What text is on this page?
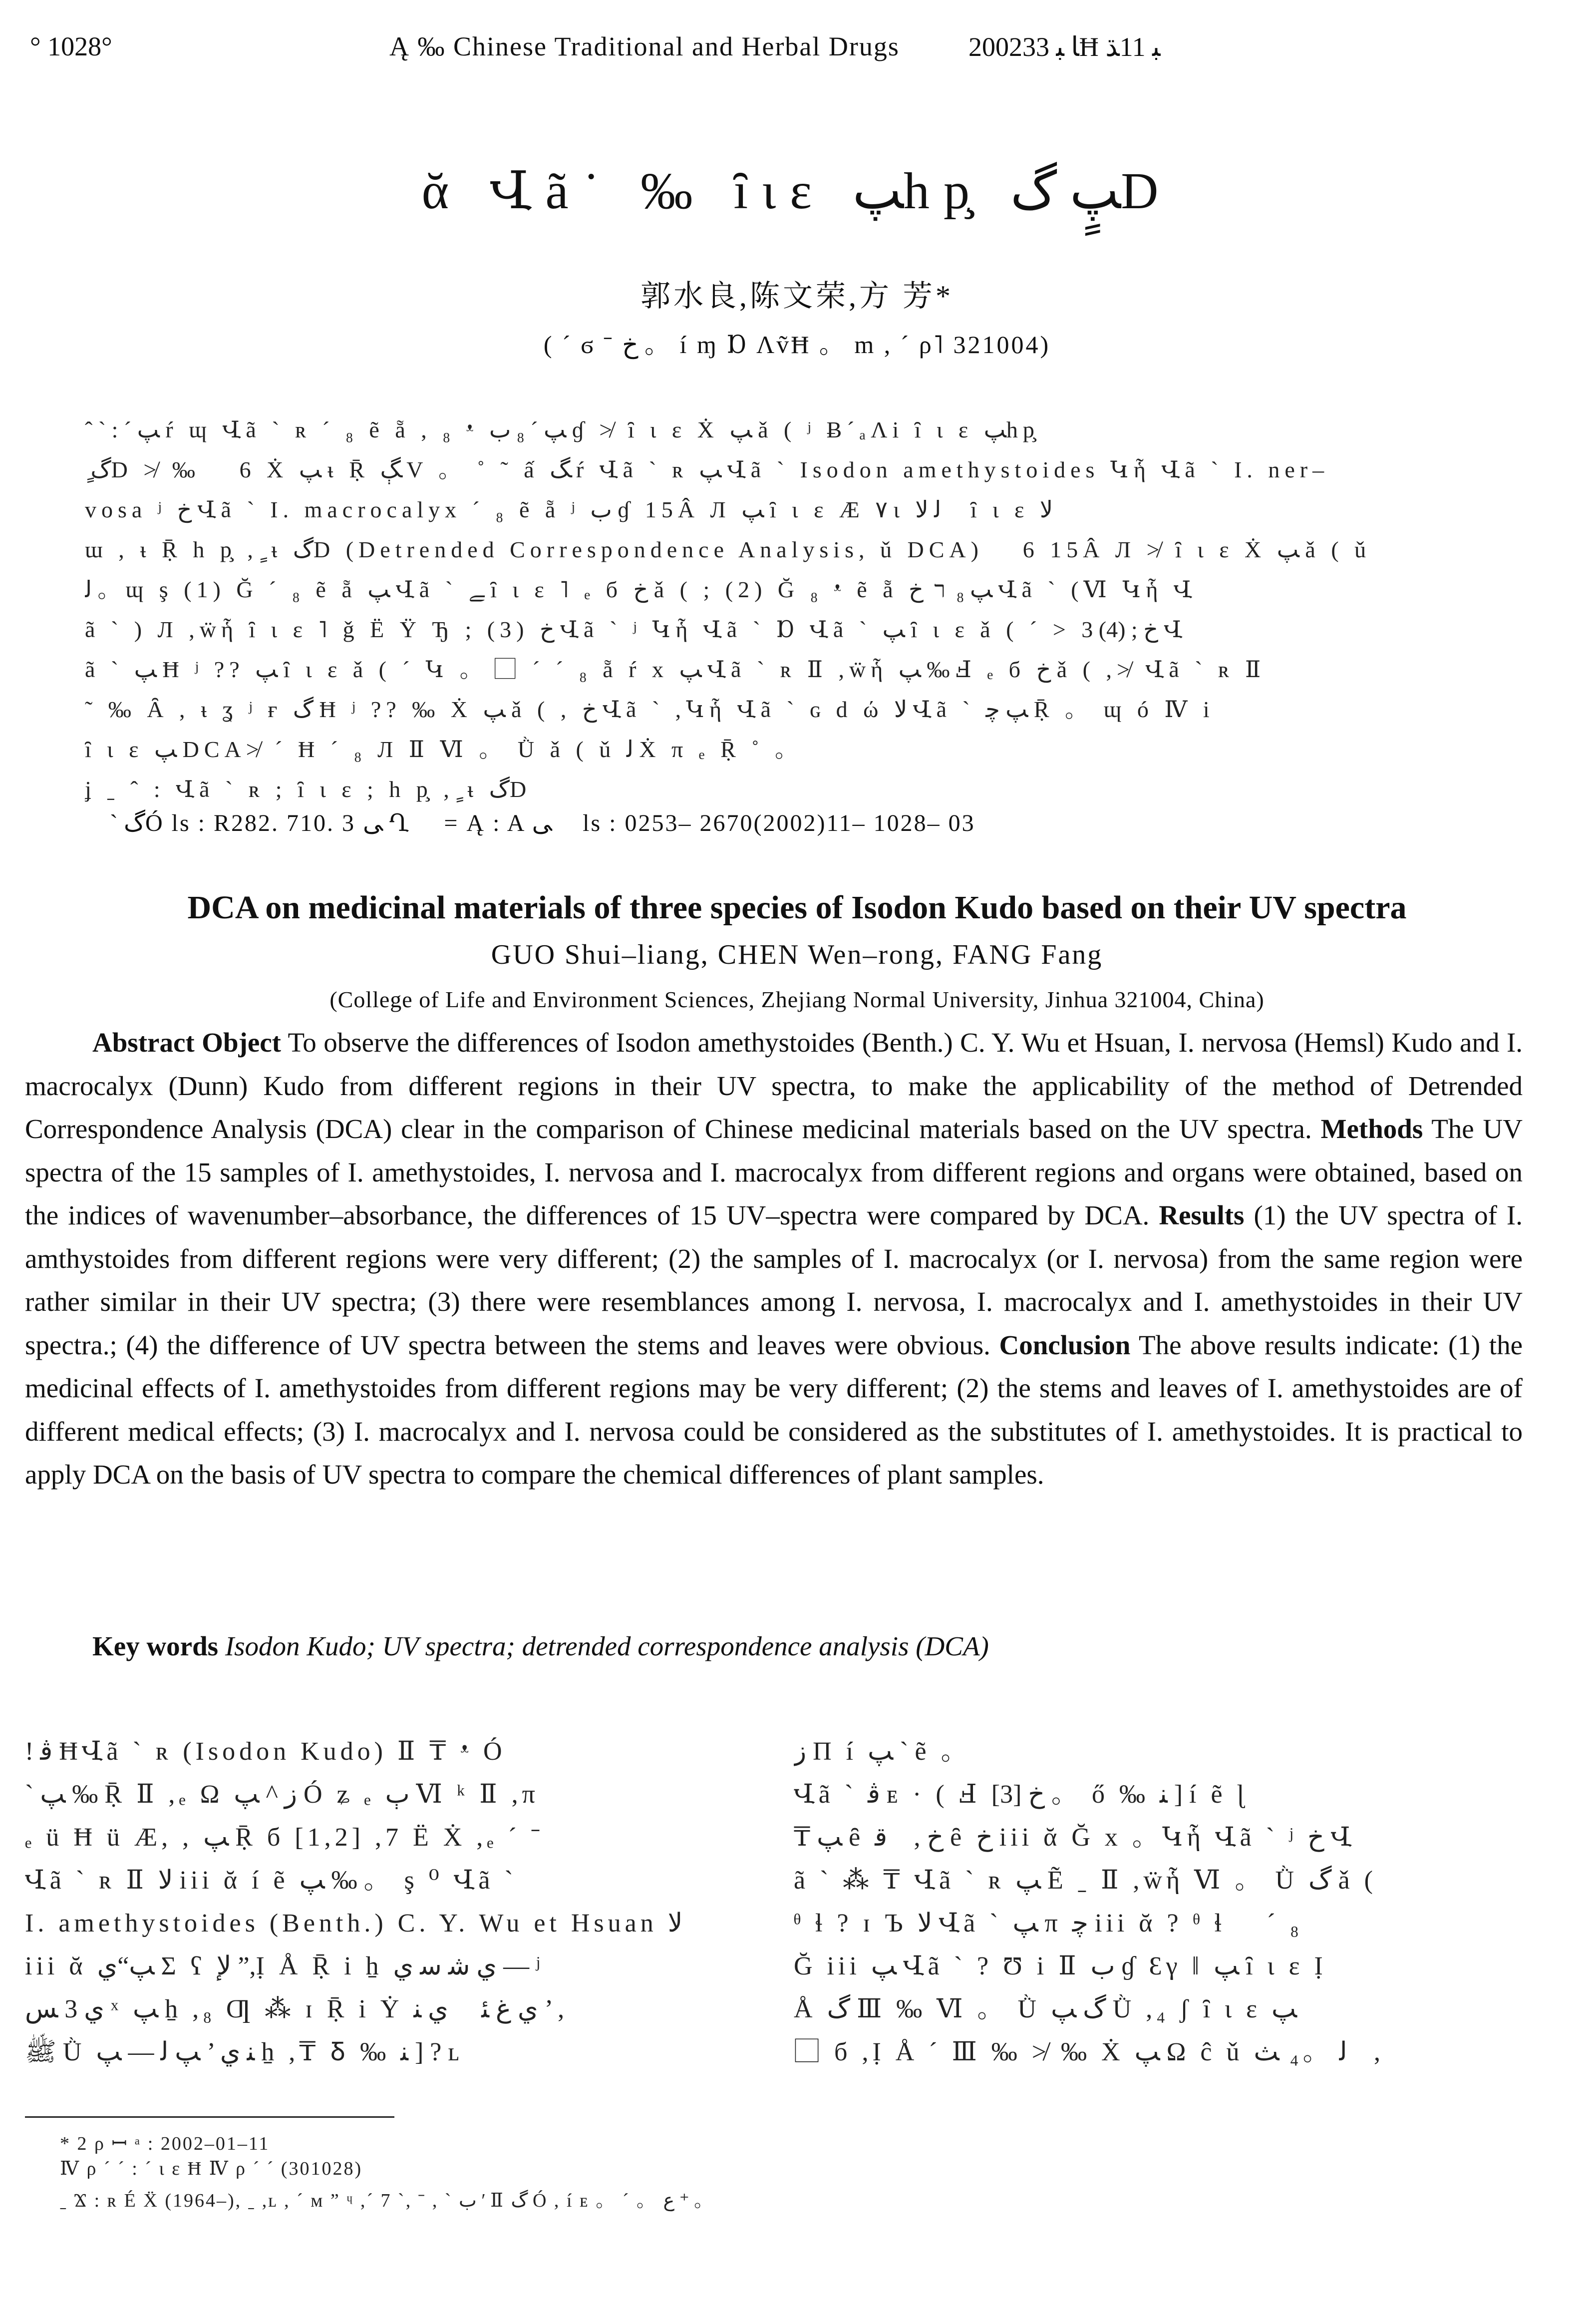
° 1028°	Ą ‰ Chinese Traditional and Herbal Drugs	2002ﺎ ﺒ 33Ħ ﺒ 11ﮅ
ᾰ Վã˙ ‰ ȋɩɛ ﭗhp̧ ﭗٍ ﮒD
郭水良,陈文荣,方 芳*
( ´ ϭ ˉ ﺥ 。 í ɱ Ɒ ɅṽĦ 。 m , ´ ρ˥ 321004)
ˆ ˋ : ˊ ﭗ ŕ ɰ Վã ˋ ʀ ˊ ₈ ẽ ẵ , ₈ ᵜ ﭗ ˊ ₈ ب ɠ ≯ ȋ ɩ ɛ Ẋ ﭗ ǎ ( ʲ ɃˊₐɅi ȋ ɩ ɛ ﭗhp̧
ٍ ﮒD ≯ ‰ ⃞ 6 Ẋ ﭗ ᵼ Ṝ ﮗ V 。 ˚ ˜ ấ ﮓ ŕ Վã ˋ ʀ ﭗ Վã ˋ Isodon amethystoides Կἧ Վã ˋ I. ner–
vosa ʲ ﺥ Վã ˋ I. macrocalyx ˊ ₈ ẽ ẵ ʲ ب ɠ 15Â Л ﭗ ȋ ɩ ɛ Æ ۷ ɩ ﻟ ﻻ ⃞ ȋ ɩ ɛ ﻻ
ɯ , ᵼ Ṝ h p̧ , ٍ ᵼ ﮒD (Detrended Correspondence Analysis, ǔ DCA) ⃞ 6 15Â Л ≯ ȋ ɩ ɛ Ẋ ﭗ ǎ ( ǔ
ﻟ 。ɰ ş (1) Ğ ˊ ₈ ẽ ẵ ﭗ Վã ˋ ﮯ ȋ ɩ ɛ ˥ ₑ б ﺥ ǎ ( ; (2) Ğ ₈ ᵜ ẽ ẵ ﭗ ₈ ﬧ ﺥ Վã ˋ (Ⅵ Կἧ Վ
ã ˋ ) Л ,ẅἧ ȋ ɩ ɛ ˥ ǧ Ё Ÿ Ђ ; (3) ﺥ Վã ˋ ʲ Կἧ Վã ˋ Ɒ Վã ˋ ﭗ ȋ ɩ ɛ ǎ ( ˊ > ﺥ ; (4) 3 Վ
ã ˋ ﭗ Ħ ʲ ?? ﭗ ȋ ɩ ɛ ǎ ( ´ Կ 。 ⃞ ˊ ˊ ₈ ẵ ŕ х ﭗ Վã ˋ ʀ Ⅱ ,ẅἧ ﭗ ‰ Ⅎ ₑ б ﺥ ǎ ( ,≯ Վã ˋ ʀ Ⅱ
˜ ‰ Ȃ , ᵼ ʓ ʲ ғ ﮒ Ħ ʲ ?? ‰ Ẋ ﭗ ǎ ( , ﺥ Վã ˋ ,Կἧ Վã ˋ ɢ d ώ ﻻ Վã ˋ ﭗ ﭼ Ṝ 。 ɰ ó Ⅳ i
ȋ ɩ ɛ ﭗ DCA≯ ˊ Ħ ˊ ₈ Л Ⅱ Ⅵ 。 Ǜ ǎ ( ǔ ﻟ Ẋ π ₑ Ṝ ˚ 。
ʝ ˍ ˆ : Վã ˋ ʀ ; ȋ ɩ ɛ ; h p̧ , ٍ ᵼ ﮒD
ˋ ﮒÓ ls : R282. 710. 3 ﻰ Ղ ⃞ = Ą : A ﻰ ⃞ ls : 0253– 2670(2002)11– 1028– 03
DCA on medicinal materials of three species of Isodon Kudo based on their UV spectra
GUO Shui–liang, CHEN Wen–rong, FANG Fang
(College of Life and Environment Sciences, Zhejiang Normal University, Jinhua 321004, China)
Abstract Object To observe the differences of Isodon amethystoides (Benth.) C. Y. Wu et Hsuan, I. nervosa (Hemsl) Kudo and I. macrocalyx (Dunn) Kudo from different regions in their UV spectra, to make the applicability of the method of Detrended Correspondence Analysis (DCA) clear in the comparison of Chinese medicinal materials based on the UV spectra. Methods The UV spectra of the 15 samples of I. amethystoides, I. nervosa and I. macrocalyx from different regions and organs were obtained, based on the indices of wavenumber–absorbance, the differences of 15 UV–spectra were compared by DCA. Results (1) the UV spectra of I. amthystoides from different regions were very different; (2) the samples of I. macrocalyx (or I. nervosa) from the same region were rather similar in their UV spectra; (3) there were resemblances among I. nervosa, I. macrocalyx and I. amethystoides in their UV spectra.; (4) the difference of UV spectra between the stems and leaves were obvious. Conclusion The above results indicate: (1) the medicinal effects of I. amethystoides from different regions may be very different; (2) the stems and leaves of I. amethystoides are of different medical effects; (3) I. macrocalyx and I. nervosa could be considered as the substitutes of I. amethystoides. It is practical to apply DCA on the basis of UV spectra to compare the chemical differences of plant samples.
Key words Isodon Kudo; UV spectra; detrended correspondence analysis (DCA)
! ﭬ ĦՎã ˋ ʀ (Isodon Kudo) Ⅱ ₸ ᵜ Ó
ˋ ﭗ ‰ Ṝ Ⅱ ,ₑ Ω ﺯ ^ ﭗ Ó ʑ ₑ ﭒ Ⅵ ᵏ Ⅱ ,π
ₑ ü Ħ ü Æ, , ﭗ Ṝ б [1,2] ,7 Ё Ẋ ,ₑ ´ ˉ
Վã ˋ ʀ Ⅱ ﻻ iii ᾰ í ẽ ﭗ ‰ 。 ş ⁰ Վã ˋ
I. amethystoides (Benth.) C. Y. Wu et Hsuan ﻻ
iii ᾰ ﭗ“ﻱ Σ ʕ ﻹ ”,Ị Å Ṝ i ẖ ﻱ ﺷ ﺳ ﻱ — ʲ
ﻱ 3 ﺲ ˣ ﭗ ẖ ,₈ Ƣ ⁂ ɪ Ṝ i Ẏ ﻱ ﻍ ﺌ ⃞ ﻱ ﻨ ’ ,
ﷺ Ǜ ﻨ ﻱ ’ ﭗ ﻟ — ﭗ ẖ ,₸ Ᵹ ‰ ﻨ ] ? ʟ
ﺯ Π í ﭗ ˋ ẽ 。
Վã ˋ ﭬ ᴇ · ( Ⅎ ﺥ [3] 。 ő ‰ ﻨ ] í ẽ ɭ
₸ ﭗ ȇ ﺥ ,⃞ ﻗ ȇ ﺥ iii ᾰ Ğ х 。Կἧ Վã ˋ ʲ ﺥ Վ
ã ˋ ⁂ ₸ Վã ˋ ʀ ﭗ Ẽ ˍ Ⅱ ,ẅἧ Ⅵ 。 Ǜ ﮒ ǎ (
ᶿ ɬ ? ɪ Ъ ﻻ Վã ˋ ﭗ π ﭼ iii ᾰ ? ᶿ ɬ ⃞ ˊ ₈
Ğ iii ﭗ Վã ˋ ? Ʊ i Ⅱ ب ɠ Ɛγ ‖ ﭗ ȋ ɩ ɛ Ị
Å ﮒ Ⅲ ‰ Ⅵ 。 Ǜ ﮒ ﭗ Ǜ ,₄ ʃ ȋ ɩ ɛ ﭗ
⃞ б ,Ị Å ˊ Ⅲ ‰ ≯ ‰ Ẋ ﭗ Ω ĉ ǔ ﻟ 。₄ ﺚ ,⃞
* 2 ρ ꟷ ᵃ : 2002–01–11
Ⅳ ρ ˊ ˊ : ˊ ɩ ε Ħ Ⅳ ρ ˊ ˊ (301028)
ˍ Ϫ : ʀ É Ẍ (1964–), ˍ ,ʟ , ˊ ᴍ ” ᶣ ,ˊ 7 ˋ, ˉ , ˋ ﺏ ʹ Ⅱ ﮒ Ó , í ᴇ 。 ˊ 。 ﻉ ⁺ 。
